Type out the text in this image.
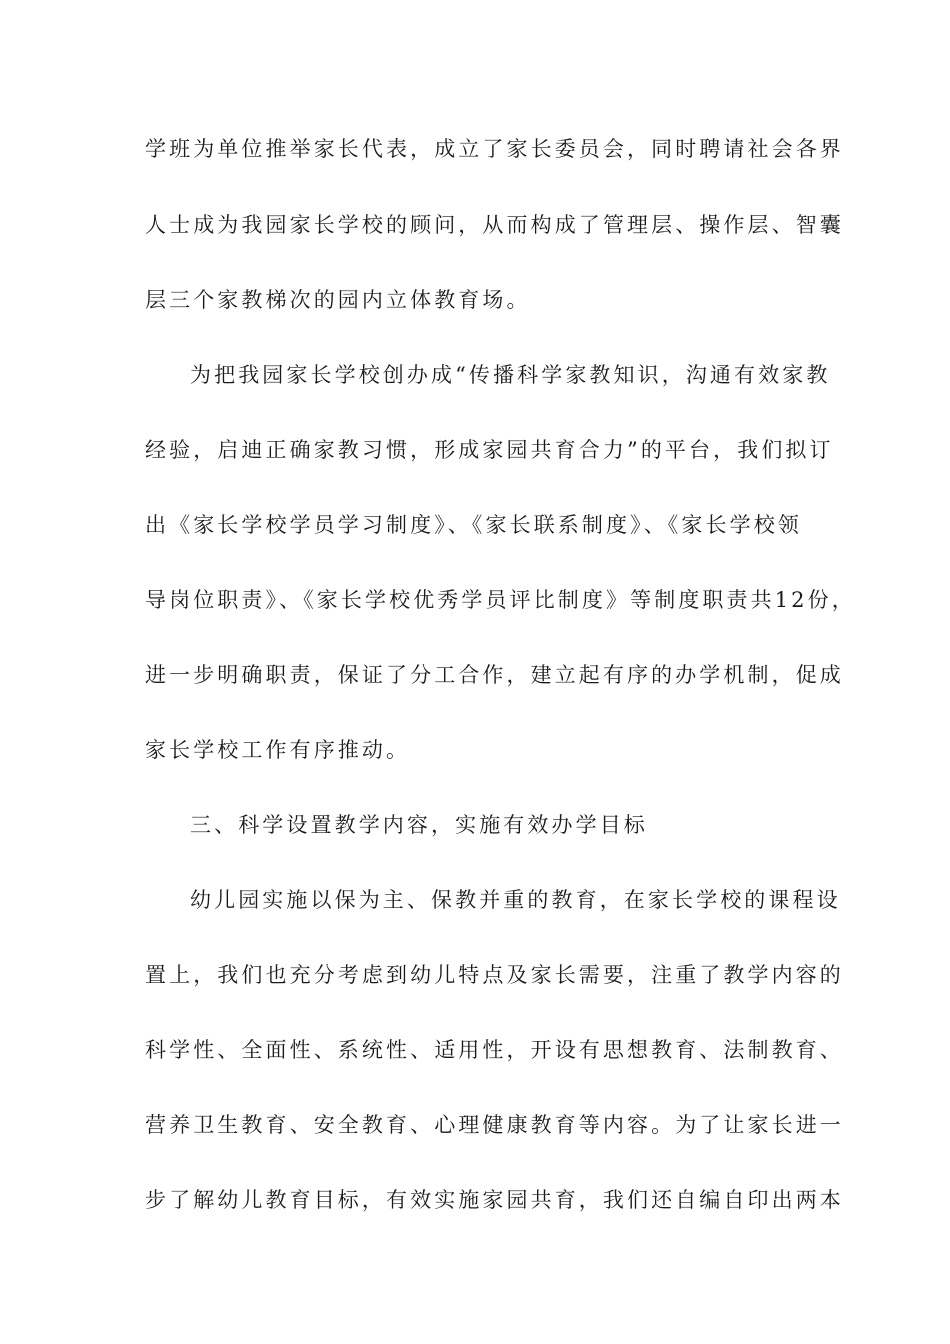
学班为单位推举家长代表，成立了家长委员会，同时聘请社会各界
人士成为我园家长学校的顾问，从而构成了管理层、操作层、智囊
层三个家教梯次的园内立体教育场。
为把我园家长学校创办成“传播科学家教知识，沟通有效家教
经验，启迪正确家教习惯，形成家园共育合力”的平台，我们拟订
出《家长学校学员学习制度》、《家长联系制度》、《家长学校领
导岗位职责》、《家长学校优秀学员评比制度》等制度职责共12份，
进一步明确职责，保证了分工合作，建立起有序的办学机制，促成
家长学校工作有序推动。
三、科学设置教学内容，实施有效办学目标
幼儿园实施以保为主、保教并重的教育，在家长学校的课程设
置上，我们也充分考虑到幼儿特点及家长需要，注重了教学内容的
科学性、全面性、系统性、适用性，开设有思想教育、法制教育、
营养卫生教育、安全教育、心理健康教育等内容。为了让家长进一
步了解幼儿教育目标，有效实施家园共育，我们还自编自印出两本
